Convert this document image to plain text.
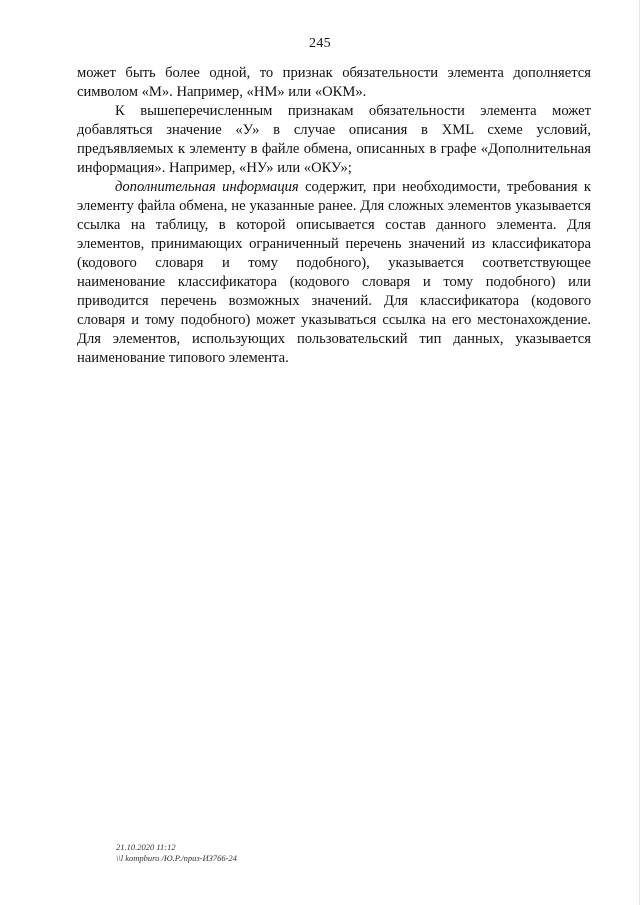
245

может быть более одной, то признак обязательности элемента дополняется символом «М». Например, «НМ» или «ОКМ».

К вышеперечисленным признакам обязательности элемента может добавляться значение «У» в случае описания в XML схеме условий, предъявляемых к элементу в файле обмена, описанных в графе «Дополнительная информация». Например, «НУ» или «ОКУ»;

дополнительная информация содержит, при необходимости, требования к элементу файла обмена, не указанные ранее. Для сложных элементов указывается ссылка на таблицу, в которой описывается состав данного элемента. Для элементов, принимающих ограниченный перечень значений из классификатора (кодового словаря и тому подобного), указывается соответствующее наименование классификатора (кодового словаря и тому подобного) или приводится перечень возможных значений. Для классификатора (кодового словаря и тому подобного) может указываться ссылка на его местонахождение. Для элементов, использующих пользовательский тип данных, указывается наименование типового элемента.

21.10.2020 11:12
\\l kompburo /Ю.Р./приз-ИЗ766-24
